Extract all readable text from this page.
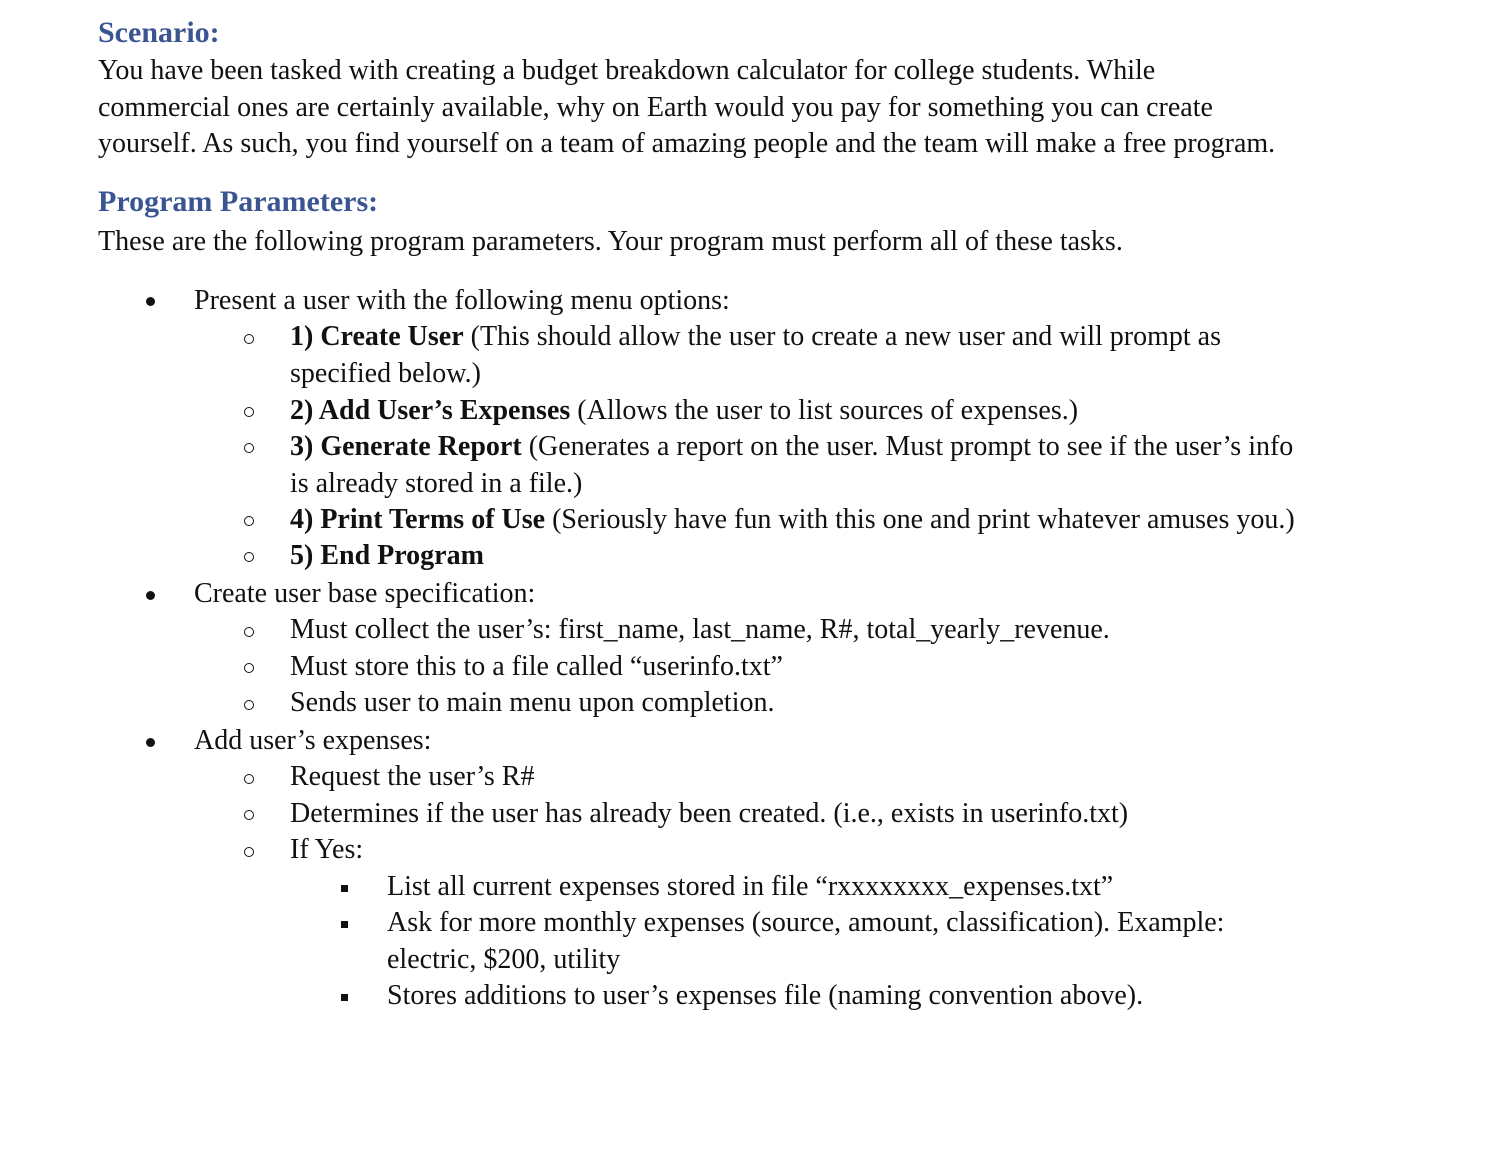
Scenario:
You have been tasked with creating a budget breakdown calculator for college students. While
commercial ones are certainly available, why on Earth would you pay for something you can create
yourself. As such, you find yourself on a team of amazing people and the team will make a free program.
Program Parameters:
These are the following program parameters. Your program must perform all of these tasks.
Present a user with the following menu options:
1) Create User (This should allow the user to create a new user and will prompt as
specified below.)
2) Add User’s Expenses (Allows the user to list sources of expenses.)
3) Generate Report (Generates a report on the user. Must prompt to see if the user’s info
is already stored in a file.)
4) Print Terms of Use (Seriously have fun with this one and print whatever amuses you.)
5) End Program
Create user base specification:
Must collect the user’s: first_name, last_name, R#, total_yearly_revenue.
Must store this to a file called “userinfo.txt”
Sends user to main menu upon completion.
Add user’s expenses:
Request the user’s R#
Determines if the user has already been created. (i.e., exists in userinfo.txt)
If Yes:
List all current expenses stored in file “rxxxxxxxx_expenses.txt”
Ask for more monthly expenses (source, amount, classification). Example:
electric, $200, utility
Stores additions to user’s expenses file (naming convention above).
